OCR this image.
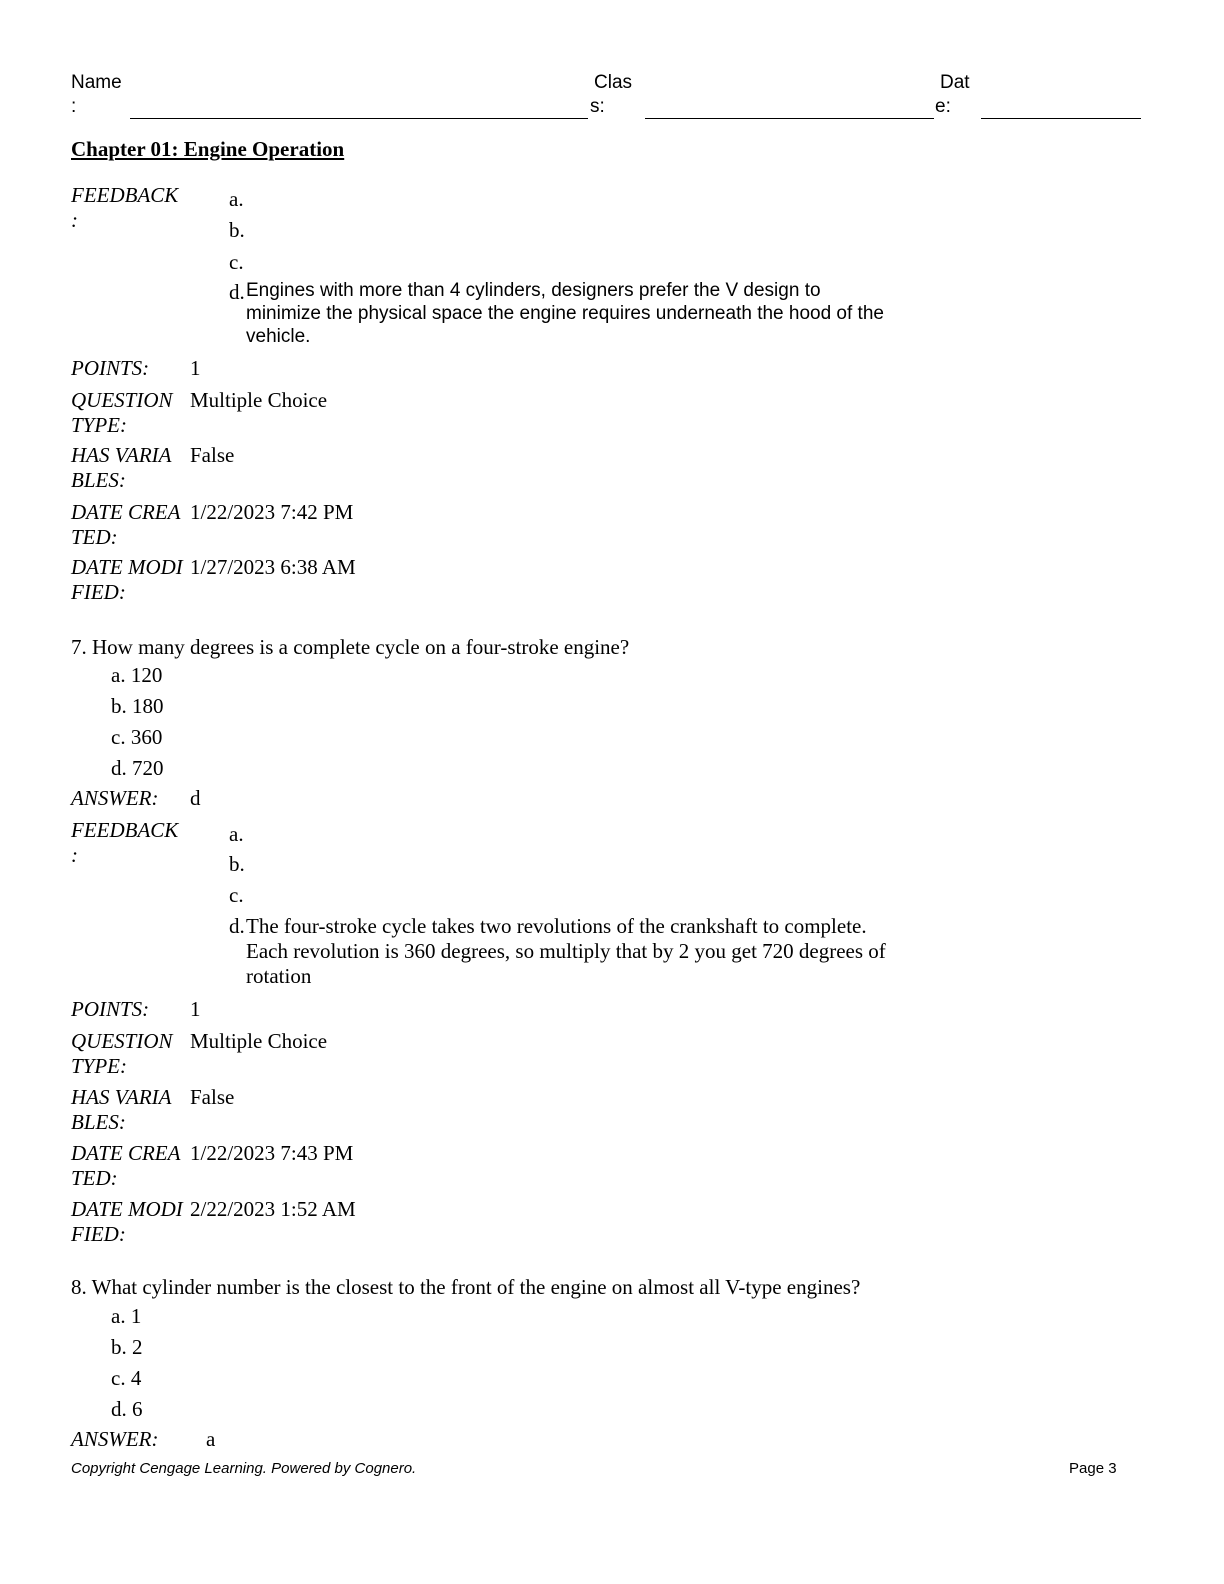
Name
:
Clas
s:
Dat
e:
Chapter 01: Engine Operation
FEEDBACK
:
a.
b.
c.
d. Engines with more than 4 cylinders, designers prefer the V design to minimize the physical space the engine requires underneath the hood of the vehicle.
POINTS: 1
QUESTION
TYPE:
Multiple Choice
HAS VARIA
BLES:
False
DATE CREA
TED:
1/22/2023 7:42 PM
DATE MODI
FIED:
1/27/2023 6:38 AM
7. How many degrees is a complete cycle on a four-stroke engine?
a. 120
b. 180
c. 360
d. 720
ANSWER: d
FEEDBACK
:
a.
b.
c.
d. The four-stroke cycle takes two revolutions of the crankshaft to complete. Each revolution is 360 degrees, so multiply that by 2 you get 720 degrees of rotation
POINTS: 1
QUESTION
TYPE:
Multiple Choice
HAS VARIA
BLES:
False
DATE CREA
TED:
1/22/2023 7:43 PM
DATE MODI
FIED:
2/22/2023 1:52 AM
8. What cylinder number is the closest to the front of the engine on almost all V-type engines?
a. 1
b. 2
c. 4
d. 6
ANSWER: a
Copyright Cengage Learning. Powered by Cognero.	Page 3
